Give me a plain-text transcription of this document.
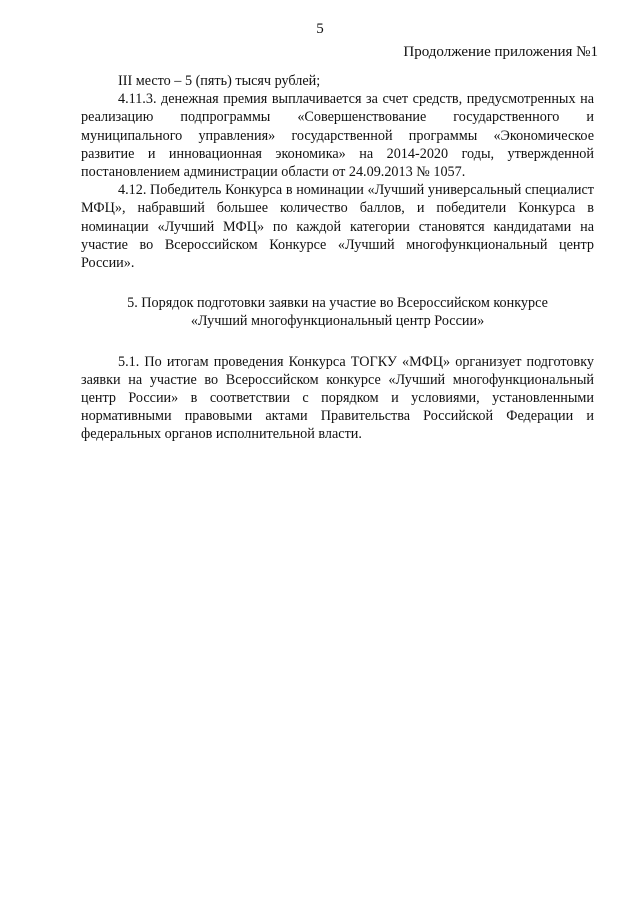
5
Продолжение приложения №1

III место – 5 (пять) тысяч рублей;

4.11.3. денежная премия выплачивается за счет средств, предусмотренных на реализацию подпрограммы «Совершенствование государственного и муниципального управления» государственной программы «Экономическое развитие и инновационная экономика» на 2014-2020 годы, утвержденной постановлением администрации области от 24.09.2013 № 1057.

4.12. Победитель Конкурса в номинации «Лучший универсальный специалист МФЦ», набравший большее количество баллов, и победители Конкурса в номинации «Лучший МФЦ» по каждой категории становятся кандидатами на участие во Всероссийском Конкурсе «Лучший многофункциональный центр России».

5. Порядок подготовки заявки на участие во Всероссийском конкурсе
«Лучший многофункциональный центр России»

5.1. По итогам проведения Конкурса ТОГКУ «МФЦ» организует подготовку заявки на участие во Всероссийском конкурсе «Лучший многофункциональный центр России» в соответствии с порядком и условиями, установленными нормативными правовыми актами Правительства Российской Федерации и федеральных органов исполнительной власти.
